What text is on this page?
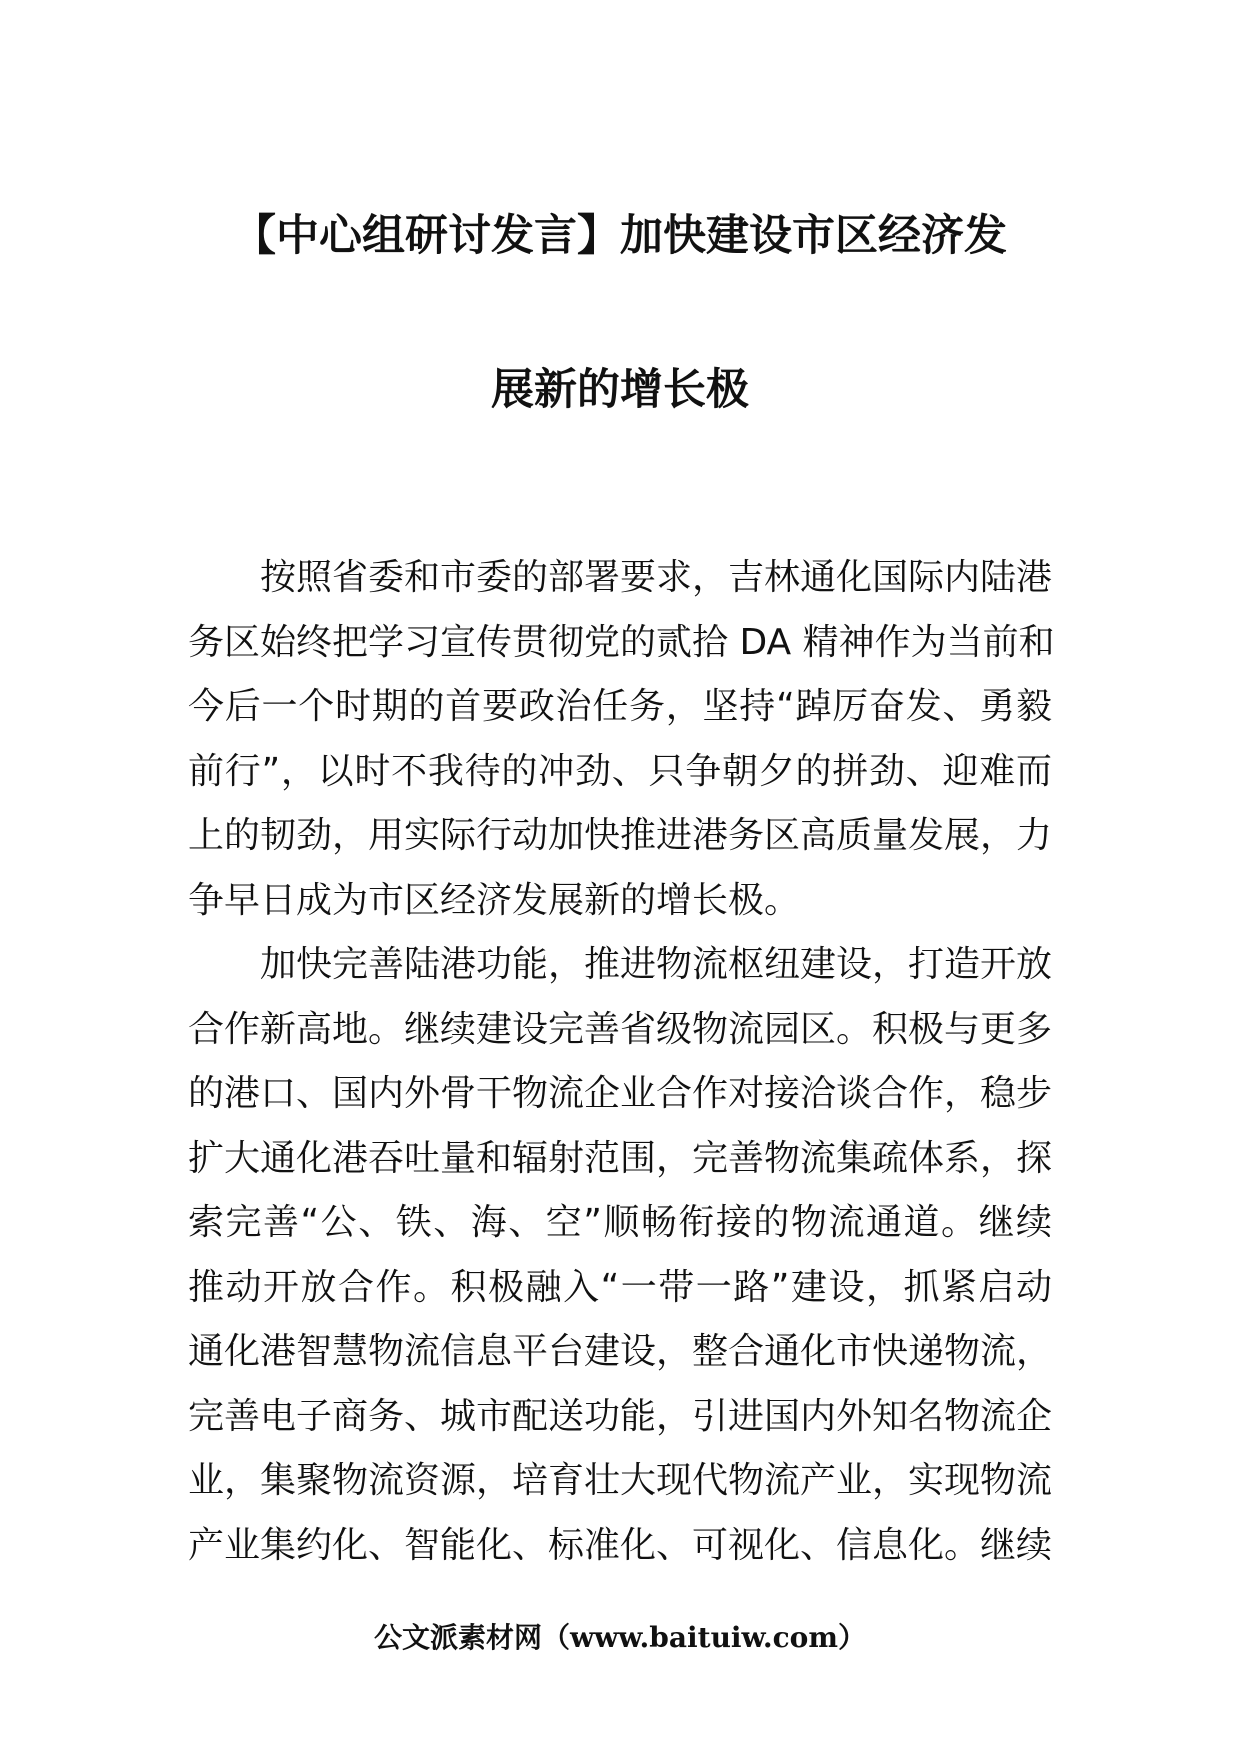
【中心组研讨发言】加快建设市区经济发
展新的增长极
按照省委和市委的部署要求，吉林通化国际内陆港
务区始终把学习宣传贯彻党的贰拾 DA 精神作为当前和
今后一个时期的首要政治任务，坚持“踔厉奋发、勇毅
前行”，以时不我待的冲劲、只争朝夕的拼劲、迎难而
上的韧劲，用实际行动加快推进港务区高质量发展，力
争早日成为市区经济发展新的增长极。
加快完善陆港功能，推进物流枢纽建设，打造开放
合作新高地。继续建设完善省级物流园区。积极与更多
的港口、国内外骨干物流企业合作对接洽谈合作，稳步
扩大通化港吞吐量和辐射范围，完善物流集疏体系，探
索完善“公、铁、海、空”顺畅衔接的物流通道。继续
推动开放合作。积极融入“一带一路”建设，抓紧启动
通化港智慧物流信息平台建设，整合通化市快递物流，
完善电子商务、城市配送功能，引进国内外知名物流企
业，集聚物流资源，培育壮大现代物流产业，实现物流
产业集约化、智能化、标准化、可视化、信息化。继续
公文派素材网（www.baituiw.com）
